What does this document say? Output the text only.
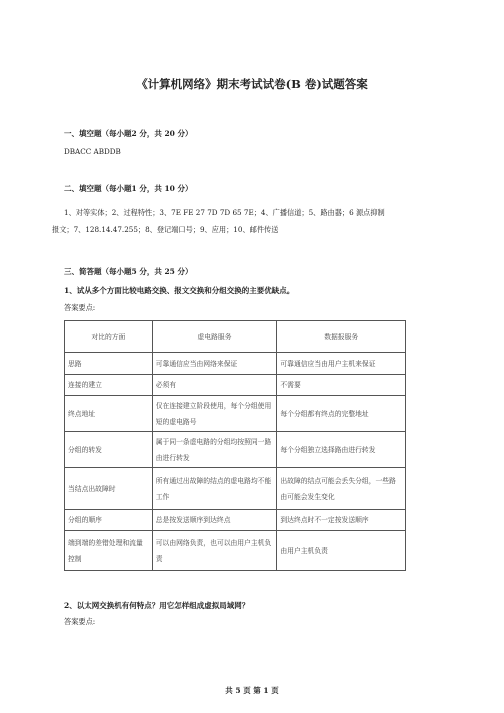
《计算机网络》期末考试试卷(B 卷)试题答案
一、填空题（每小题2 分，共 20 分）
DBACC ABDDB
二、填空题（每小题1 分，共 10 分）
1、对等实体；2、过程特性；3、7E FE 27 7D 7D 65 7E；4、广播信道；5、路由器；6 源点抑制
报文；7、128.14.47.255；8、登记端口号；9、应用；10、邮件传送
三、简答题（每小题5 分，共 25 分）
1、试从多个方面比较电路交换、报文交换和分组交换的主要优缺点。
答案要点:
对比的方面	虚电路服务	数据报服务
思路	可靠通信应当由网络来保证	可靠通信应当由用户主机来保证
连接的建立	必须有	不需要
终点地址	仅在连接建立阶段使用，每个分组使用短的虚电路号	每个分组都有终点的完整地址
分组的转发	属于同一条虚电路的分组均按照同一路由进行转发	每个分组独立选择路由进行转发
当结点出故障时	所有通过出故障的结点的虚电路均不能工作	出故障的结点可能会丢失分组，一些路由可能会发生变化
分组的顺序	总是按发送顺序到达终点	到达终点时不一定按发送顺序
端到端的差错处理和流量控制	可以由网络负责，也可以由用户主机负责	由用户主机负责
2、以太网交换机有何特点？用它怎样组成虚拟局域网？
答案要点:
共 5 页 第 1 页
